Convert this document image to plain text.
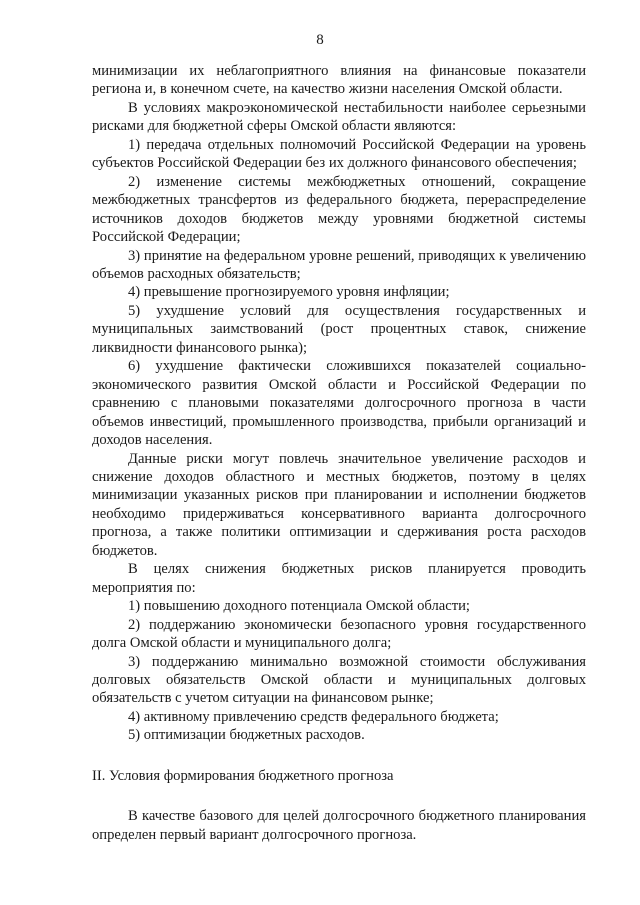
8

минимизации их неблагоприятного влияния на финансовые показатели региона и, в конечном счете, на качество жизни населения Омской области.

В условиях макроэкономической нестабильности наиболее серьезными рисками для бюджетной сферы Омской области являются:

1) передача отдельных полномочий Российской Федерации на уровень субъектов Российской Федерации без их должного финансового обеспечения;

2) изменение системы межбюджетных отношений, сокращение межбюджетных трансфертов из федерального бюджета, перераспределение источников доходов бюджетов между уровнями бюджетной системы Российской Федерации;

3) принятие на федеральном уровне решений, приводящих к увеличению объемов расходных обязательств;

4) превышение прогнозируемого уровня инфляции;

5) ухудшение условий для осуществления государственных и муниципальных заимствований (рост процентных ставок, снижение ликвидности финансового рынка);

6) ухудшение фактически сложившихся показателей социально-экономического развития Омской области и Российской Федерации по сравнению с плановыми показателями долгосрочного прогноза в части объемов инвестиций, промышленного производства, прибыли организаций и доходов населения.

Данные риски могут повлечь значительное увеличение расходов и снижение доходов областного и местных бюджетов, поэтому в целях минимизации указанных рисков при планировании и исполнении бюджетов необходимо придерживаться консервативного варианта долгосрочного прогноза, а также политики оптимизации и сдерживания роста расходов бюджетов.

В целях снижения бюджетных рисков планируется проводить мероприятия по:

1) повышению доходного потенциала Омской области;

2) поддержанию экономически безопасного уровня государственного долга Омской области и муниципального долга;

3) поддержанию минимально возможной стоимости обслуживания долговых обязательств Омской области и муниципальных долговых обязательств с учетом ситуации на финансовом рынке;

4) активному привлечению средств федерального бюджета;

5) оптимизации бюджетных расходов.

II. Условия формирования бюджетного прогноза

В качестве базового для целей долгосрочного бюджетного планирования определен первый вариант долгосрочного прогноза.
